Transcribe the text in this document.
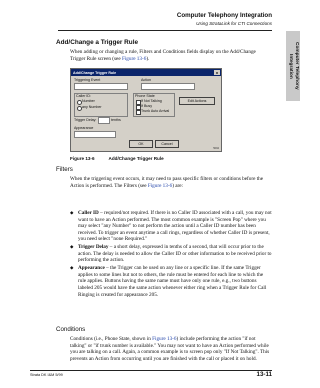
Computer Telephony Integration
Using StrataLink for CTI Connections
Computer Telephony
Integration
Add/Change a Trigger Rule
When adding or changing a rule, Filters and Conditions fields display on the Add/Change Trigger Rule screen (see Figure 13-6).
Add/Change Trigger Rule	x
Triggering Event	Action
Caller ID:
Number
any Number
Trigger Delay:	tenths
Phone State
If Not Talking
If Busy
Trunk Auto Arrival
Edit Actions
Appearance
OK	Cancel
5094
Figure 13-6	Add/Change Trigger Rule
Filters
When the triggering event occurs, it may need to pass specific filters or conditions before the Action is performed. The Filters (see Figure 13-6) are:
◆ Caller ID – required/not required. If there is no Caller ID associated with a call, you may not want to have an Action performed. The most common example is "Screen Pop" where you may select "any Number" to not perform the action until a Caller ID number has been received. To trigger an event anytime a call rings, regardless of whether Caller ID is present, you need select "none Required."
◆ Trigger Delay – a short delay, expressed in tenths of a second, that will occur prior to the action. The delay is needed to allow the Caller ID or other information to be received prior to performing the action.
◆ Appearance – the Trigger can be used on any line or a specific line. If the same Trigger applies to some lines but not to others, the rule must be entered for each line to which the rule applies. Buttons having the same name must have only one rule, e.g., two buttons labeled 205 would have the same action whenever either ring when a Trigger Rule for Call Ringing is created for appearance 205.
Conditions
Conditions (i.e., Phone State, shown in Figure 13-6) include performing the action "if not talking" or "if trunk number is available." You may not want to have an Action performed while you are talking on a call. Again, a common example is to screen pop only "If Not Talking". This prevents an Action from occurring until you are finished with the call or placed it on hold.
Strata DK I&M 5/99	13-11
